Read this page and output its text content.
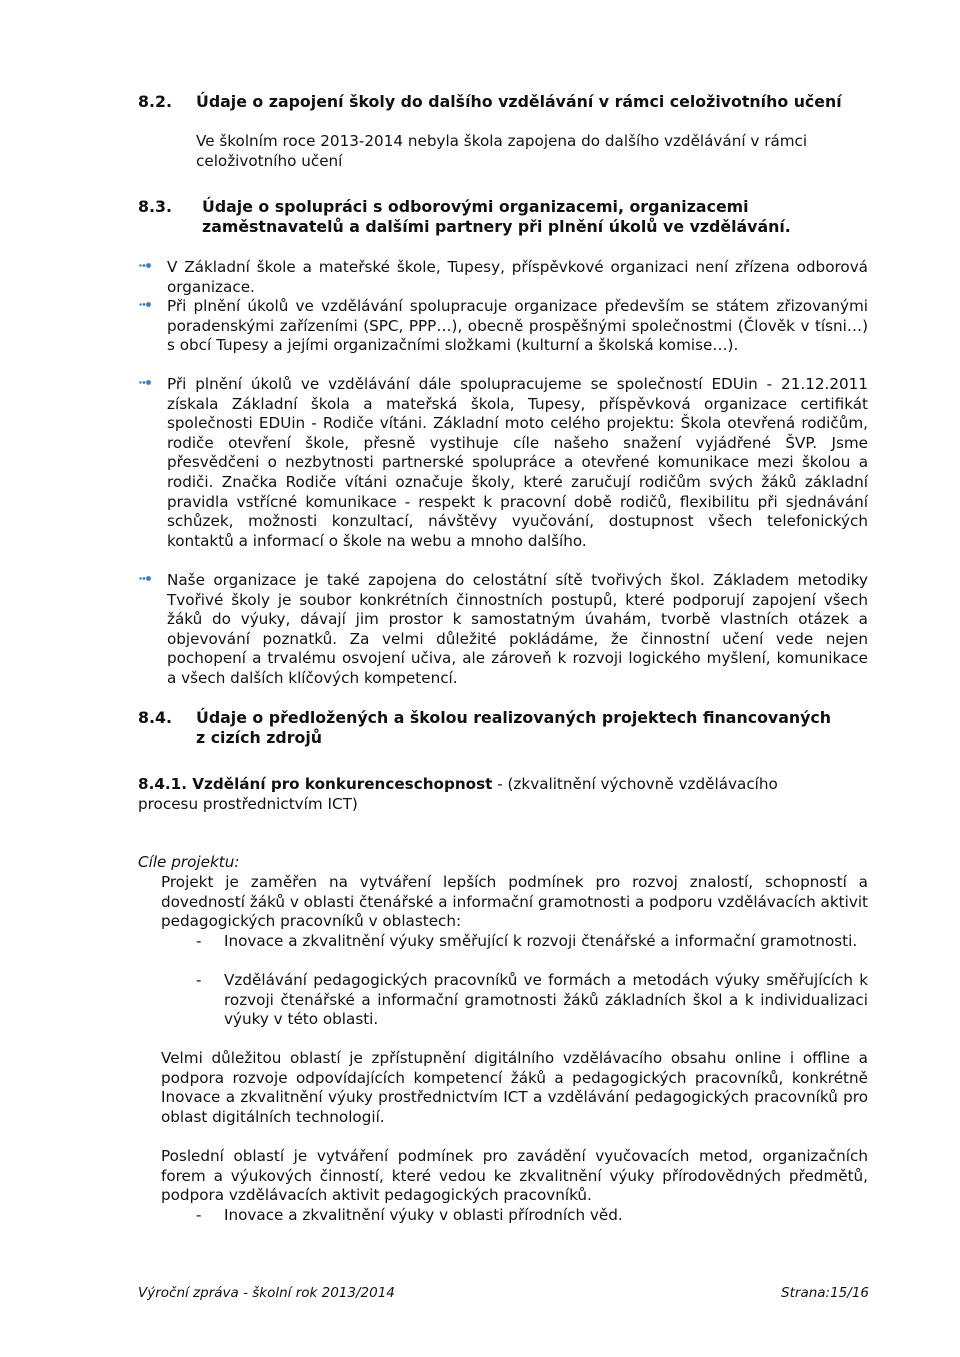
8.2. Údaje o zapojení školy do dalšího vzdělávání v rámci celoživotního učení

Ve školním roce 2013-2014 nebyla škola zapojena do dalšího vzdělávání v rámci celoživotního učení

8.3. Údaje o spolupráci s odborovými organizacemi, organizacemi
zaměstnavatelů a dalšími partnery při plnění úkolů ve vzdělávání.

V Základní škole a mateřské škole, Tupesy, příspěvkové organizaci není zřízena odborová organizace.

Při plnění úkolů ve vzdělávání spolupracuje organizace především se státem zřizovanými poradenskými zařízeními (SPC, PPP…), obecně prospěšnými společnostmi (Člověk v tísni…) s obcí Tupesy a jejími organizačními složkami (kulturní a školská komise…).

Při plnění úkolů ve vzdělávání dále spolupracujeme se společností EDUin - 21.12.2011 získala Základní škola a mateřská škola, Tupesy, příspěvková organizace certifikát společnosti EDUin - Rodiče vítáni. Základní moto celého projektu: Škola otevřená rodičům, rodiče otevření škole, přesně vystihuje cíle našeho snažení vyjádřené ŠVP. Jsme přesvědčeni o nezbytnosti partnerské spolupráce a otevřené komunikace mezi školou a rodiči. Značka Rodiče vítáni označuje školy, které zaručují rodičům svých žáků základní pravidla vstřícné komunikace - respekt k pracovní době rodičů, flexibilitu při sjednávání schůzek, možnosti konzultací, návštěvy vyučování, dostupnost všech telefonických kontaktů a informací o škole na webu a mnoho dalšího.

Naše organizace je také zapojena do celostátní sítě tvořivých škol. Základem metodiky Tvořivé školy je soubor konkrétních činnostních postupů, které podporují zapojení všech žáků do výuky, dávají jim prostor k samostatným úvahám, tvorbě vlastních otázek a objevování poznatků. Za velmi důležité pokládáme, že činnostní učení vede nejen pochopení a trvalému osvojení učiva, ale zároveň k rozvoji logického myšlení, komunikace a všech dalších klíčových kompetencí.

8.4. Údaje o předložených a školou realizovaných projektech financovaných
z cizích zdrojů

8.4.1. Vzdělání pro konkurenceschopnost - (zkvalitnění výchovně vzdělávacího procesu prostřednictvím ICT)

Cíle projektu:

Projekt je zaměřen na vytváření lepších podmínek pro rozvoj znalostí, schopností a dovedností žáků v oblasti čtenářské a informační gramotnosti a podporu vzdělávacích aktivit pedagogických pracovníků v oblastech:

- Inovace a zkvalitnění výuky směřující k rozvoji čtenářské a informační gramotnosti.

- Vzdělávání pedagogických pracovníků ve formách a metodách výuky směřujících k rozvoji čtenářské a informační gramotnosti žáků základních škol a k individualizaci výuky v této oblasti.

Velmi důležitou oblastí je zpřístupnění digitálního vzdělávacího obsahu online i offline a podpora rozvoje odpovídajících kompetencí žáků a pedagogických pracovníků, konkrétně Inovace a zkvalitnění výuky prostřednictvím ICT a vzdělávání pedagogických pracovníků pro oblast digitálních technologií.

Poslední oblastí je vytváření podmínek pro zavádění vyučovacích metod, organizačních forem a výukových činností, které vedou ke zkvalitnění výuky přírodovědných předmětů, podpora vzdělávacích aktivit pedagogických pracovníků.

- Inovace a zkvalitnění výuky v oblasti přírodních věd.

Výroční zpráva - školní rok 2013/2014	Strana:15/16
